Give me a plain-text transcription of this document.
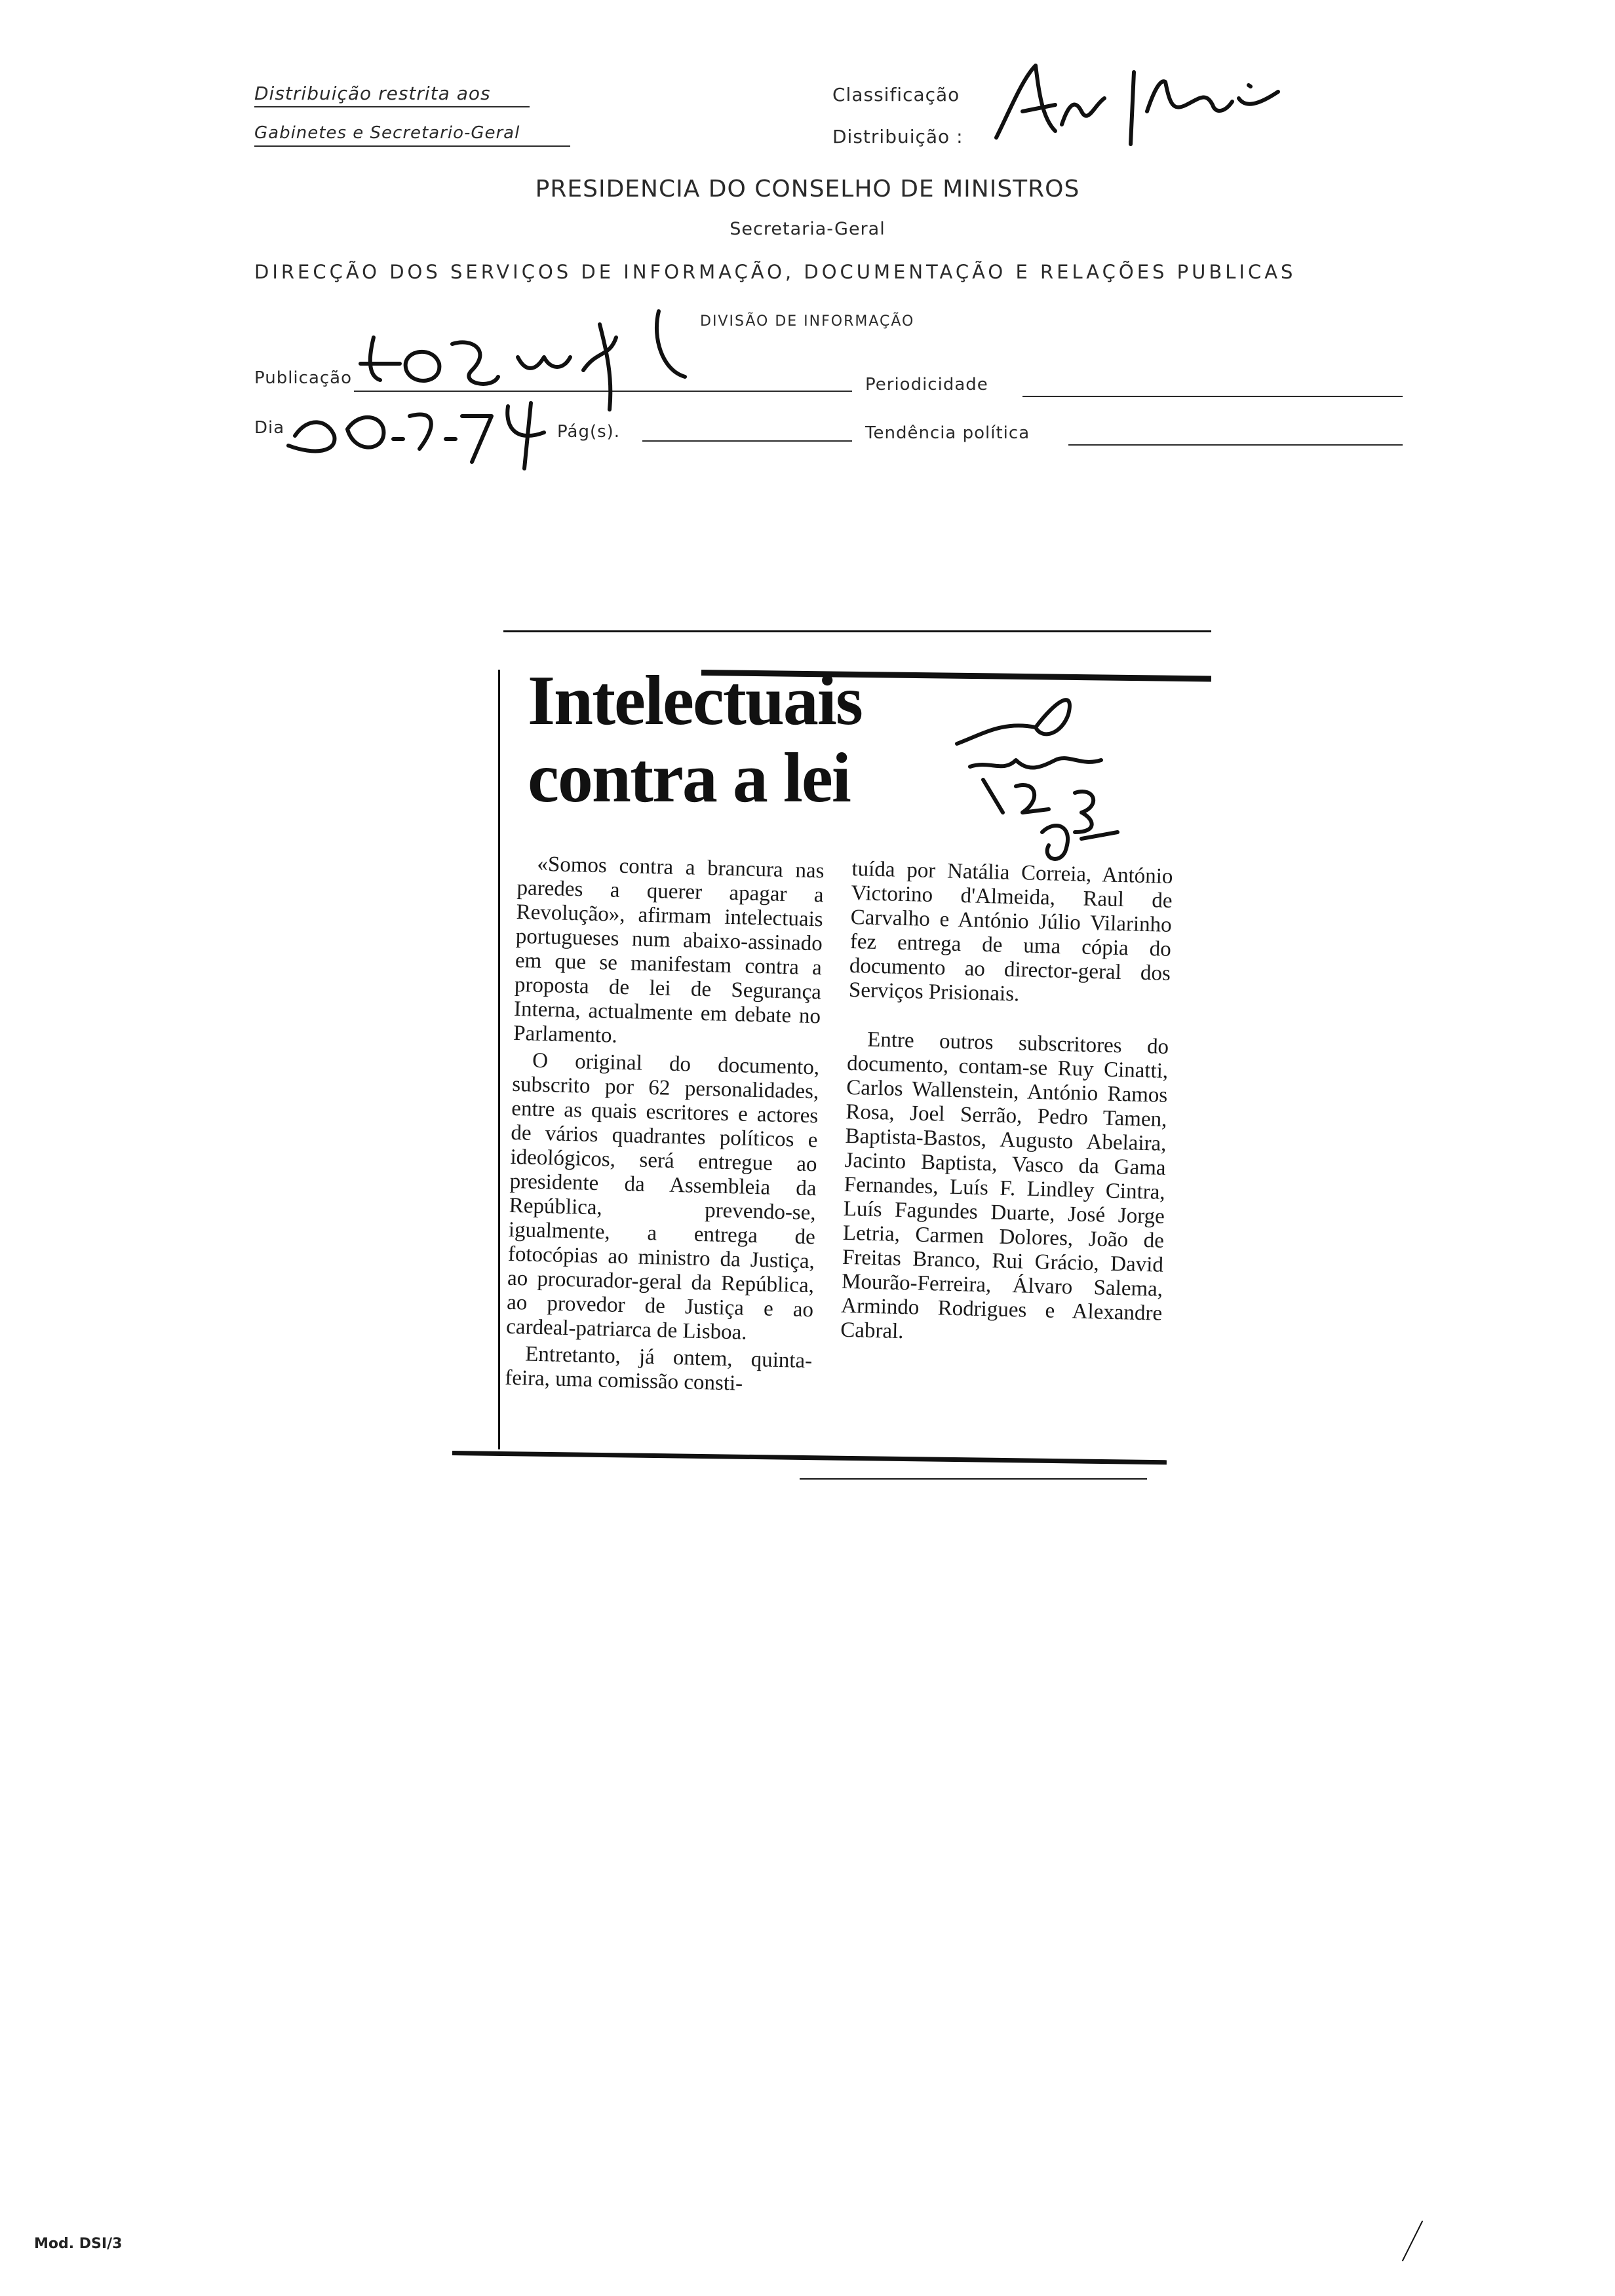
Distribuição restrita aos
Gabinetes e Secretario-Geral
Classificação
Distribuição :
PRESIDENCIA DO CONSELHO DE MINISTROS
Secretaria-Geral
DIRECÇÃO DOS SERVIÇOS DE INFORMAÇÃO, DOCUMENTAÇÃO E RELAÇÕES PUBLICAS
DIVISÃO DE INFORMAÇÃO
Publicação	Periodicidade
Dia	Pág(s).	Tendência política
Intelectuais
contra a lei

«Somos contra a brancura nas paredes a querer apagar a Revolução», afirmam intelectuais portugueses num abaixo-assinado em que se manifestam contra a proposta de lei de Segurança Interna, actualmente em debate no Parlamento.

O original do documento, subscrito por 62 personalidades, entre as quais escritores e actores de vários quadrantes políticos e ideológicos, será entregue ao presidente da Assembleia da República, prevendo-se, igualmente, a entrega de fotocópias ao ministro da Justiça, ao procurador-geral da República, ao provedor de Justiça e ao cardeal-patriarca de Lisboa.

Entretanto, já ontem, quinta-feira, uma comissão consti-

tuída por Natália Correia, António Victorino d'Almeida, Raul de Carvalho e António Júlio Vilarinho fez entrega de uma cópia do documento ao director-geral dos Serviços Prisionais.

Entre outros subscritores do documento, contam-se Ruy Cinatti, Carlos Wallenstein, António Ramos Rosa, Joel Serrão, Pedro Tamen, Baptista-Bastos, Augusto Abelaira, Jacinto Baptista, Vasco da Gama Fernandes, Luís F. Lindley Cintra, Luís Fagundes Duarte, José Jorge Letria, Carmen Dolores, João de Freitas Branco, Rui Grácio, David Mourão-Ferreira, Álvaro Salema, Armindo Rodrigues e Alexandre Cabral.

Mod. DSI/3
